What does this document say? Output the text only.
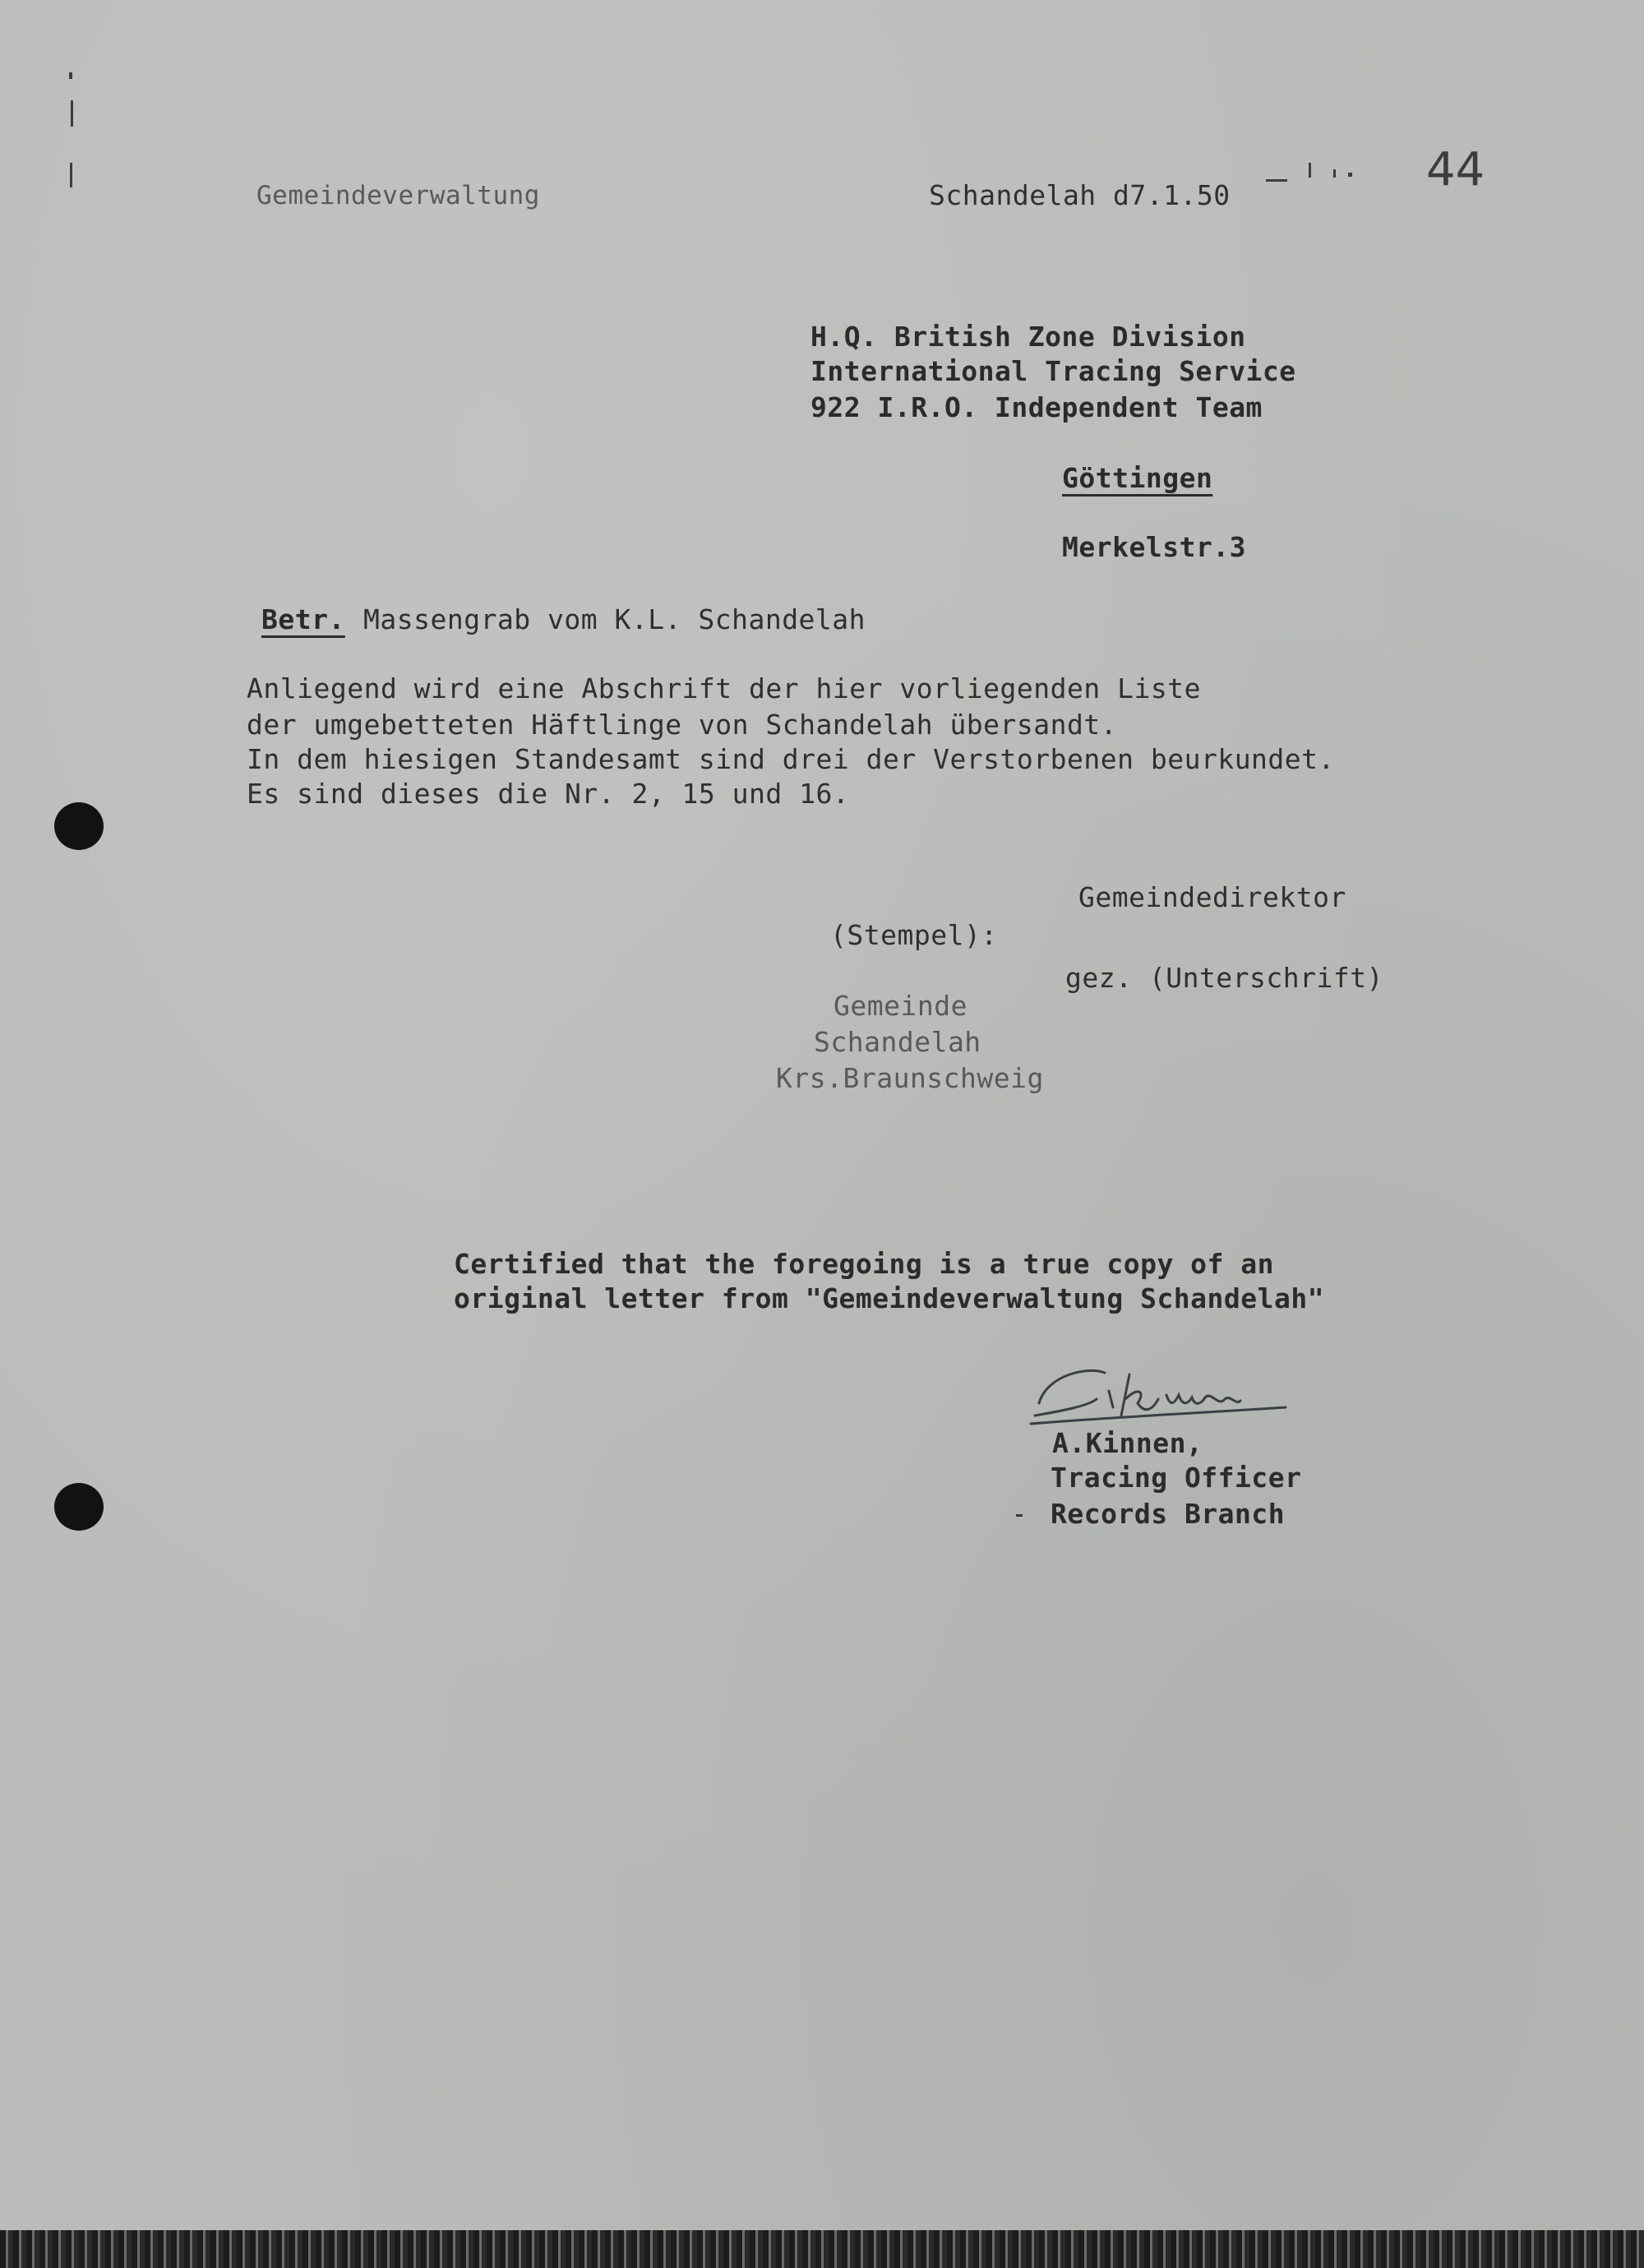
Gemeindeverwaltung	Schandelah d7.1.50	44
H.Q. British Zone Division
International Tracing Service
922 I.R.O. Independent Team
Göttingen
Merkelstr.3
Betr. Massengrab vom K.L. Schandelah
Anliegend wird eine Abschrift der hier vorliegenden Liste
der umgebetteten Häftlinge von Schandelah übersandt.
In dem hiesigen Standesamt sind drei der Verstorbenen beurkundet.
Es sind dieses die Nr. 2, 15 und 16.
Gemeindedirektor
(Stempel):
gez. (Unterschrift)
Gemeinde
Schandelah
Krs.Braunschweig
Certified that the foregoing is a true copy of an
original letter from "Gemeindeverwaltung Schandelah"
A.Kinnen,
Tracing Officer
Records Branch
